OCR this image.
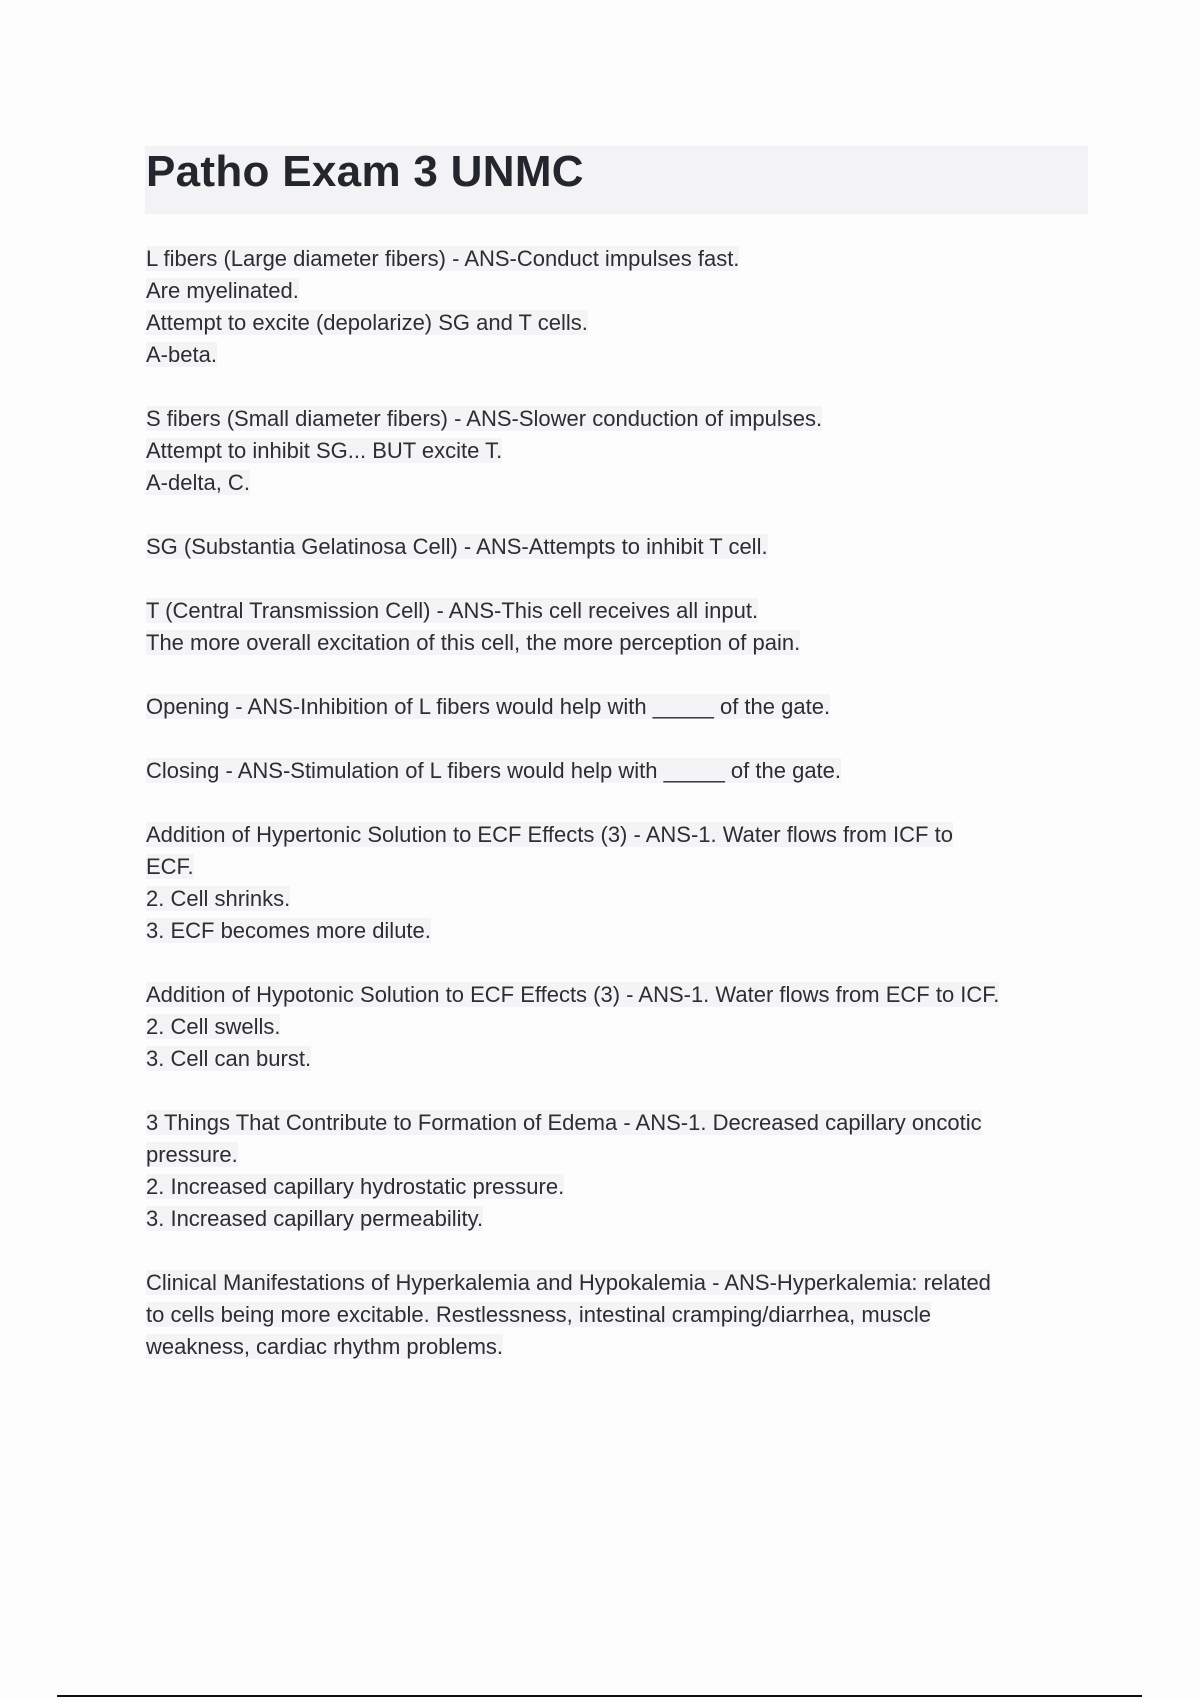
Patho Exam 3 UNMC
L fibers (Large diameter fibers) - ANS-Conduct impulses fast.
Are myelinated.
Attempt to excite (depolarize) SG and T cells.
A-beta.
S fibers (Small diameter fibers) - ANS-Slower conduction of impulses.
Attempt to inhibit SG... BUT excite T.
A-delta, C.
SG (Substantia Gelatinosa Cell) - ANS-Attempts to inhibit T cell.
T (Central Transmission Cell) - ANS-This cell receives all input.
The more overall excitation of this cell, the more perception of pain.
Opening - ANS-Inhibition of L fibers would help with _____ of the gate.
Closing - ANS-Stimulation of L fibers would help with _____ of the gate.
Addition of Hypertonic Solution to ECF Effects (3) - ANS-1. Water flows from ICF to
ECF.
2. Cell shrinks.
3. ECF becomes more dilute.
Addition of Hypotonic Solution to ECF Effects (3) - ANS-1. Water flows from ECF to ICF.
2. Cell swells.
3. Cell can burst.
3 Things That Contribute to Formation of Edema - ANS-1. Decreased capillary oncotic
pressure.
2. Increased capillary hydrostatic pressure.
3. Increased capillary permeability.
Clinical Manifestations of Hyperkalemia and Hypokalemia - ANS-Hyperkalemia: related
to cells being more excitable. Restlessness, intestinal cramping/diarrhea, muscle
weakness, cardiac rhythm problems.
